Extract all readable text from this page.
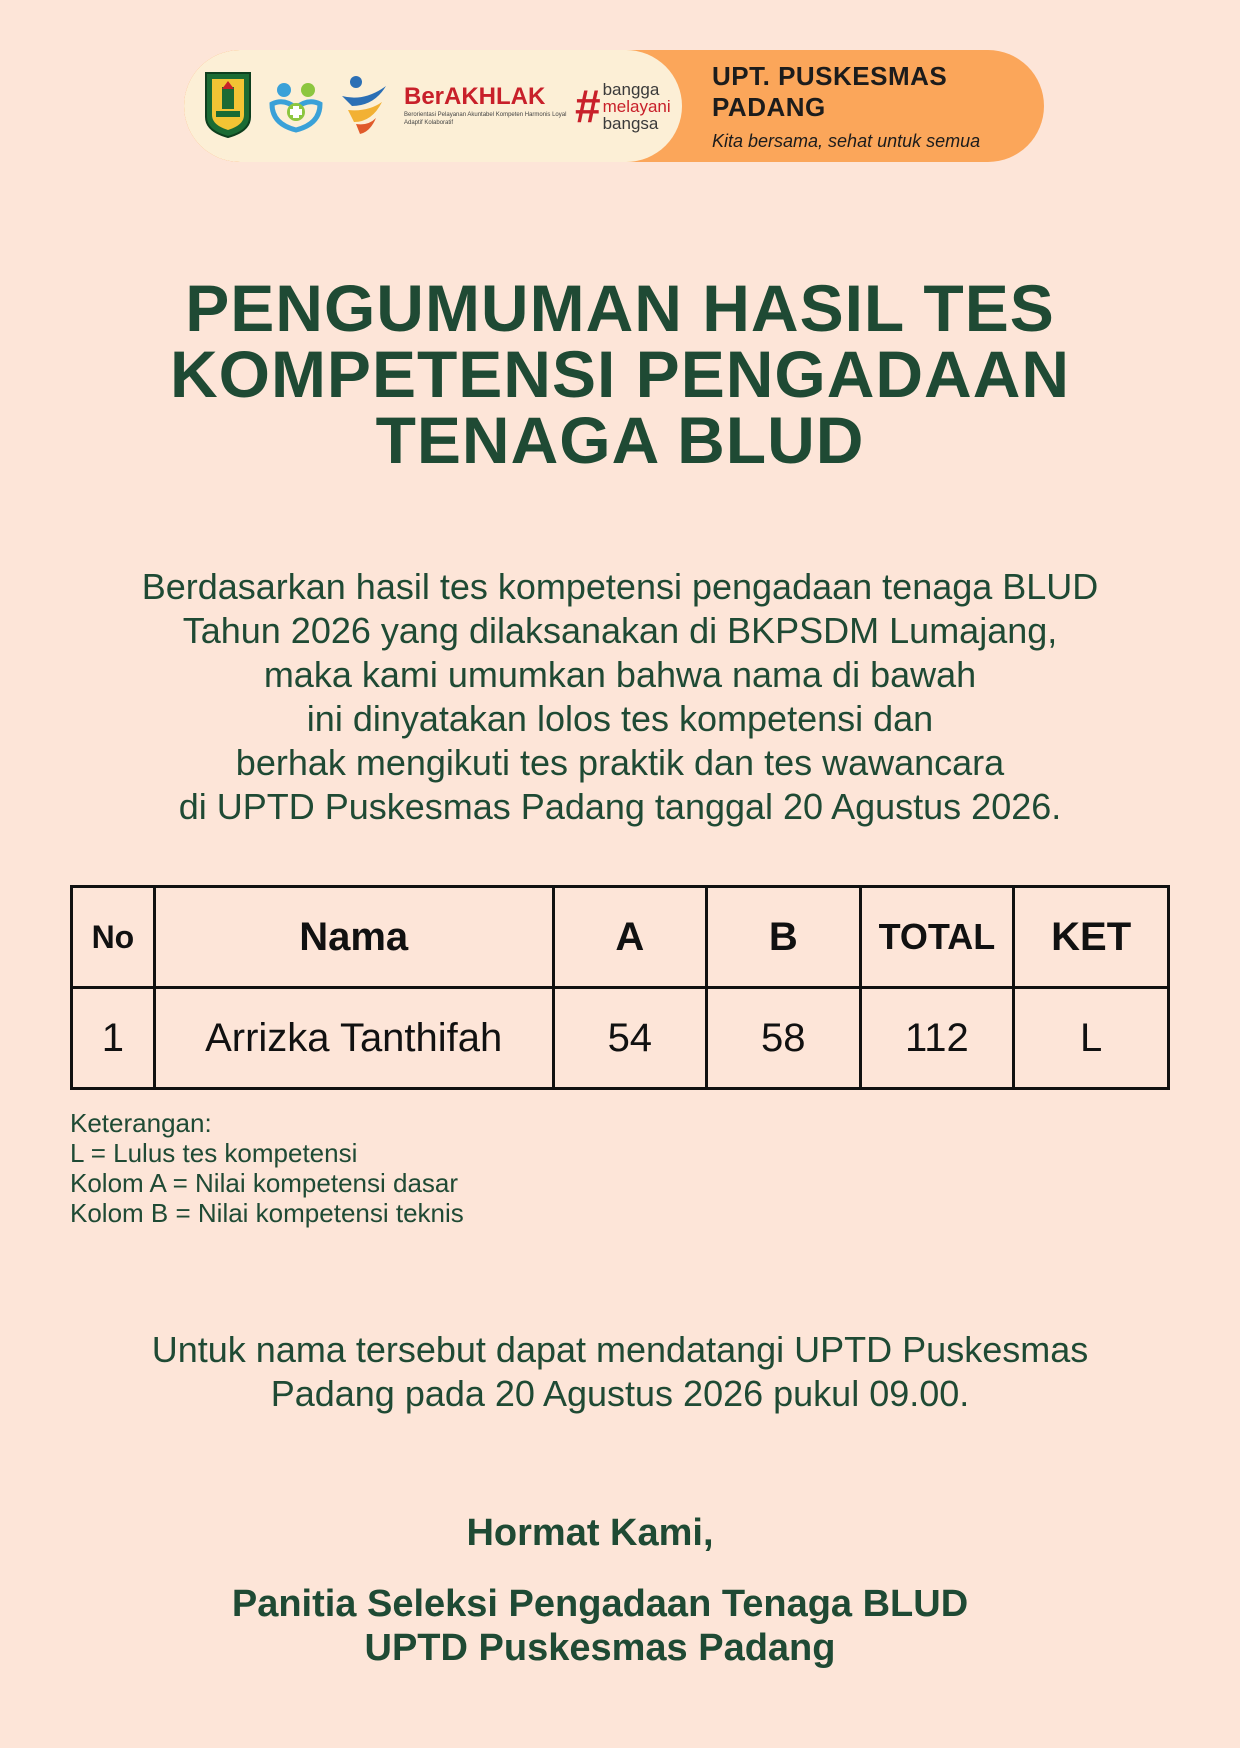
BerAKHLAK
Berorientasi Pelayanan Akuntabel Kompeten Harmonis Loyal Adaptif Kolaboratif	# bangga
melayani
bangsa
UPT. PUSKESMAS PADANG
Kita bersama, sehat untuk semua
PENGUMUMAN HASIL TES
KOMPETENSI PENGADAAN
TENAGA BLUD

Berdasarkan hasil tes kompetensi pengadaan tenaga BLUD
Tahun 2026 yang dilaksanakan di BKPSDM Lumajang,
maka kami umumkan bahwa nama di bawah
ini dinyatakan lolos tes kompetensi dan
berhak mengikuti tes praktik dan tes wawancara
di UPTD Puskesmas Padang tanggal 20 Agustus 2026.

No	Nama	A	B	TOTAL	KET
1	Arrizka Tanthifah	54	58	112	L
Keterangan:
L = Lulus tes kompetensi
Kolom A = Nilai kompetensi dasar
Kolom B = Nilai kompetensi teknis

Untuk nama tersebut dapat mendatangi UPTD Puskesmas
Padang pada 20 Agustus 2026 pukul 09.00.

Hormat Kami,
Panitia Seleksi Pengadaan Tenaga BLUD
UPTD Puskesmas Padang
